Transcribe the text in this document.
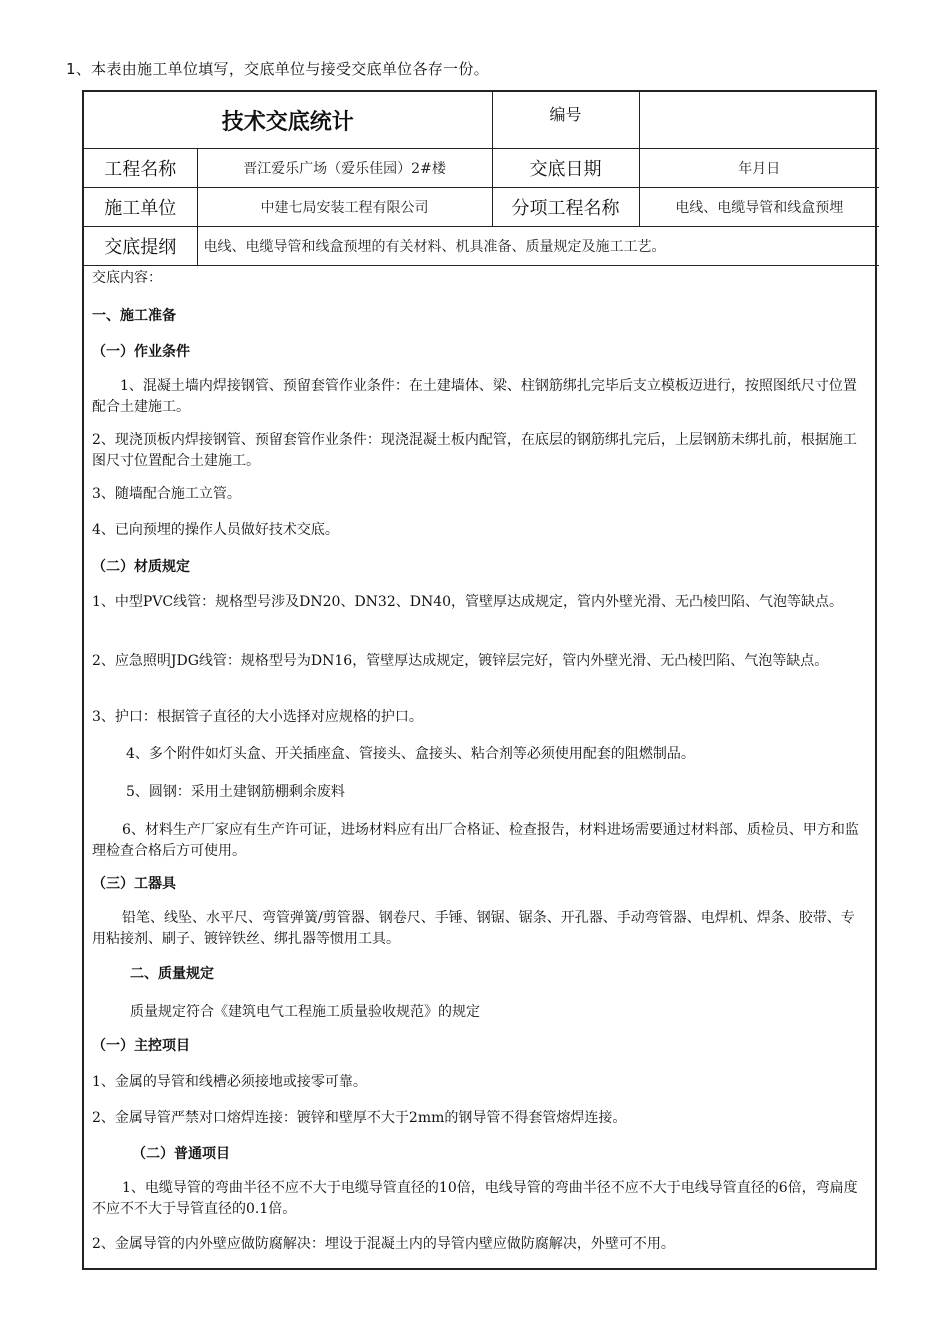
1、本表由施工单位填写，交底单位与接受交底单位各存一份。
技术交底统计		编号	
工程名称	晋江爱乐广场（爱乐佳园）2#楼	交底日期	年月日
施工单位	中建七局安装工程有限公司	分项工程名称	电线、电缆导管和线盒预埋
交底提纲	电线、电缆导管和线盒预埋的有关材料、机具准备、质量规定及施工工艺。		
交底内容：
一、施工准备
（一）作业条件
1、混凝土墙内焊接钢管、预留套管作业条件：在土建墙体、梁、柱钢筋绑扎完毕后支立模板迈进行，按照图纸尺寸位置配合土建施工。
2、现浇顶板内焊接钢管、预留套管作业条件：现浇混凝土板内配管，在底层的钢筋绑扎完后，上层钢筋未绑扎前，根据施工图尺寸位置配合土建施工。
3、随墙配合施工立管。
4、已向预埋的操作人员做好技术交底。
（二）材质规定
1、中型PVC线管：规格型号涉及DN20、DN32、DN40，管壁厚达成规定，管内外壁光滑、无凸棱凹陷、气泡等缺点。
2、应急照明JDG线管：规格型号为DN16，管壁厚达成规定，镀锌层完好，管内外壁光滑、无凸棱凹陷、气泡等缺点。
3、护口：根据管子直径的大小选择对应规格的护口。
4、多个附件如灯头盒、开关插座盒、管接头、盒接头、粘合剂等必须使用配套的阻燃制品。
5、圆钢：采用土建钢筋棚剩余废料
6、材料生产厂家应有生产许可证，进场材料应有出厂合格证、检查报告，材料进场需要通过材料部、质检员、甲方和监理检查合格后方可使用。
（三）工器具
铅笔、线坠、水平尺、弯管弹簧/剪管器、钢卷尺、手锤、钢锯、锯条、开孔器、手动弯管器、电焊机、焊条、胶带、专用粘接剂、刷子、镀锌铁丝、绑扎器等惯用工具。
二、质量规定
质量规定符合《建筑电气工程施工质量验收规范》的规定
（一）主控项目
1、金属的导管和线槽必须接地或接零可靠。
2、金属导管严禁对口熔焊连接：镀锌和壁厚不大于2mm的钢导管不得套管熔焊连接。
（二）普通项目
1、电缆导管的弯曲半径不应不大于电缆导管直径的10倍，电线导管的弯曲半径不应不大于电线导管直径的6倍，弯扁度不应不不大于导管直径的0.1倍。
2、金属导管的内外壁应做防腐解决：埋设于混凝土内的导管内壁应做防腐解决，外壁可不用。
